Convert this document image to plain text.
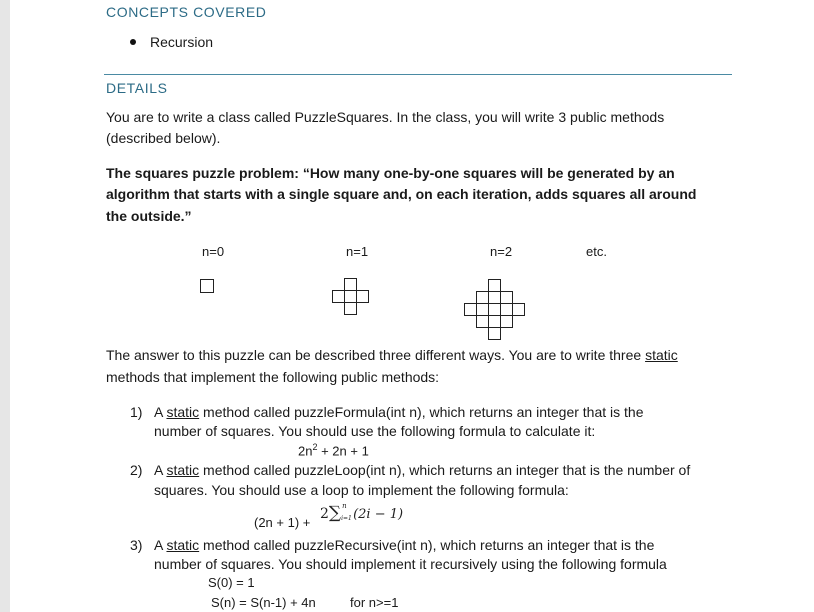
CONCEPTS COVERED
Recursion
DETAILS
You are to write a class called PuzzleSquares. In the class, you will write 3 public methods
(described below).
The squares puzzle problem: “How many one-by-one squares will be generated by an
algorithm that starts with a single square and, on each iteration, adds squares all around
the outside.”
n=0	n=1	n=2	etc.
The answer to this puzzle can be described three different ways. You are to write three static
methods that implement the following public methods:
1) A static method called puzzleFormula(int n), which returns an integer that is the
number of squares. You should use the following formula to calculate it:
$2n^2 + 2n + 1$
2) A static method called puzzleLoop(int n), which returns an integer that is the number of
squares. You should use a loop to implement the following formula:
(2n + 1) +
2∑ n
i=1 (2i − 1)
3) A static method called puzzleRecursive(int n), which returns an integer that is the
number of squares. You should implement it recursively using the following formula
S(0) = 1
S(n) = S(n-1) + 4n	for n>=1
